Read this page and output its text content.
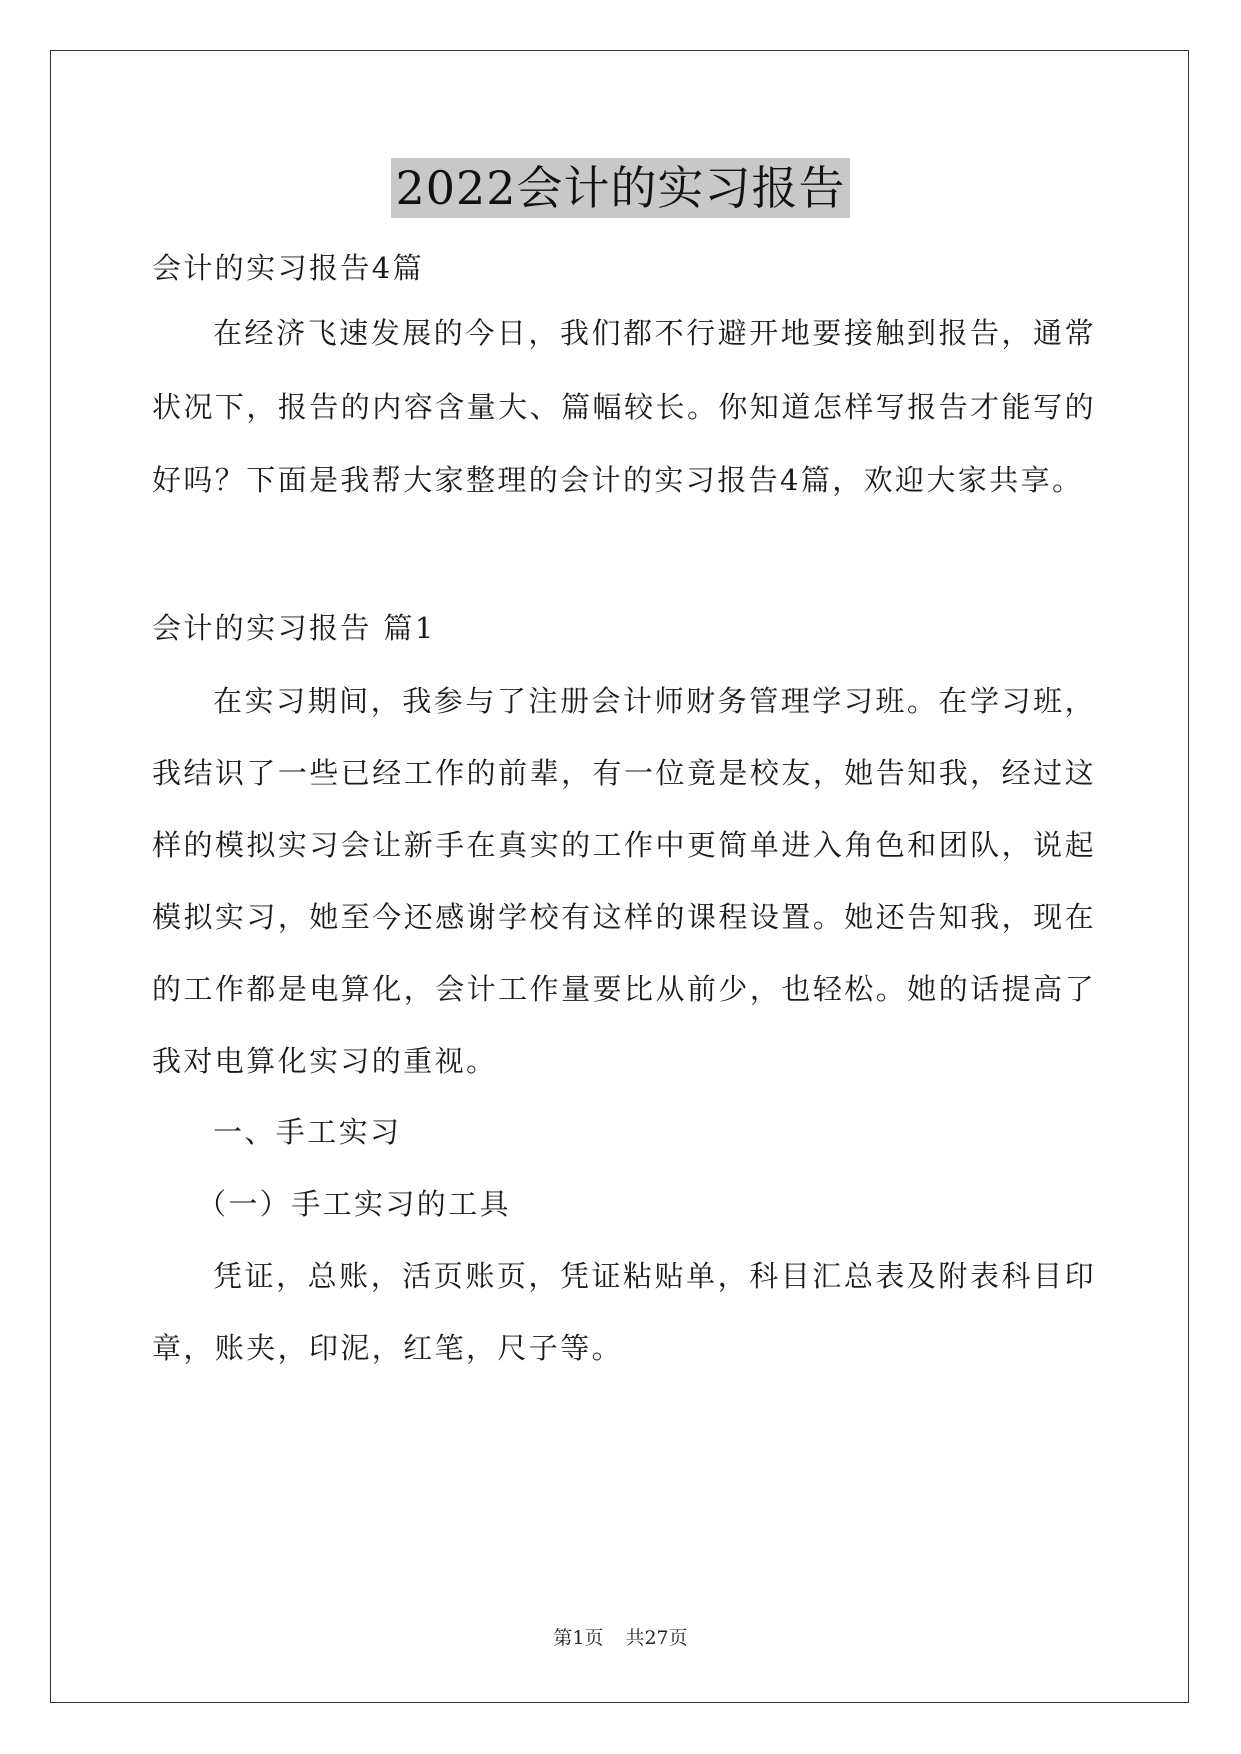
2022会计的实习报告
会计的实习报告4篇
在经济飞速发展的今日，我们都不行避开地要接触到报告，通常
状况下，报告的内容含量大、篇幅较长。你知道怎样写报告才能写的
好吗？下面是我帮大家整理的会计的实习报告4篇，欢迎大家共享。
会计的实习报告 篇1
在实习期间，我参与了注册会计师财务管理学习班。在学习班，
我结识了一些已经工作的前辈，有一位竟是校友，她告知我，经过这
样的模拟实习会让新手在真实的工作中更简单进入角色和团队，说起
模拟实习，她至今还感谢学校有这样的课程设置。她还告知我，现在
的工作都是电算化，会计工作量要比从前少，也轻松。她的话提高了
我对电算化实习的重视。
一、手工实习
（一）手工实习的工具
凭证，总账，活页账页，凭证粘贴单，科目汇总表及附表科目印
章，账夹，印泥，红笔，尺子等。
第1页 共27页
